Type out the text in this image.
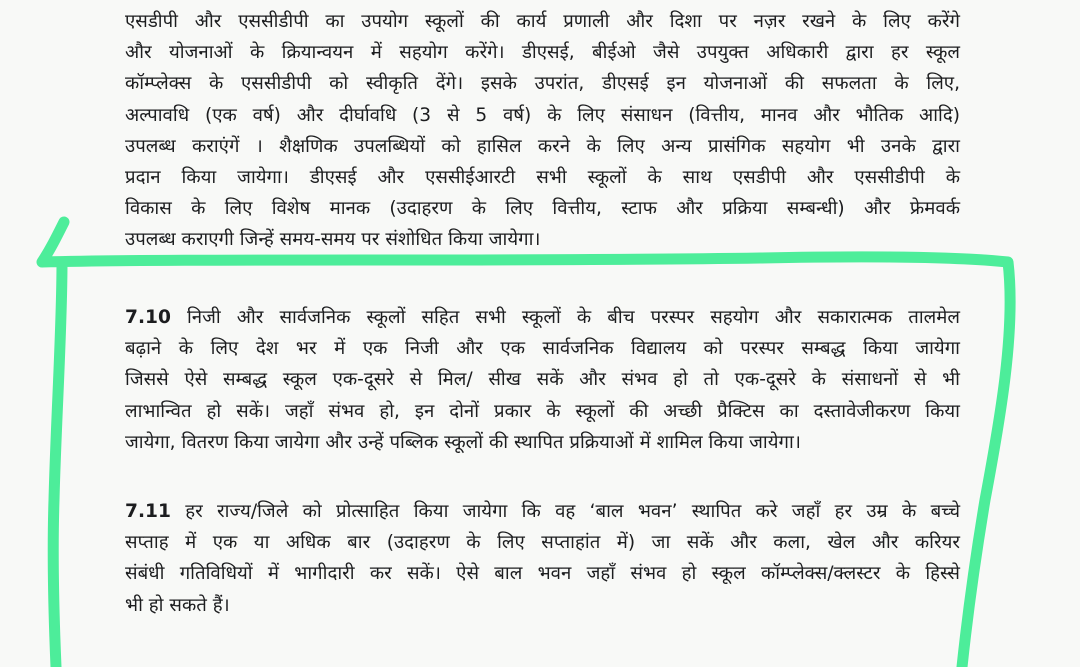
एसडीपी और एससीडीपी का उपयोग स्कूलों की कार्य प्रणाली और दिशा पर नज़र रखने के लिए करेंगे
और योजनाओं के क्रियान्वयन में सहयोग करेंगे। डीएसई, बीईओ जैसे उपयुक्त अधिकारी द्वारा हर स्कूल
कॉम्प्लेक्स के एससीडीपी को स्वीकृति देंगे। इसके उपरांत, डीएसई इन योजनाओं की सफलता के लिए,
अल्पावधि (एक वर्ष) और दीर्घावधि (3 से 5 वर्ष) के लिए संसाधन (वित्तीय, मानव और भौतिक आदि)
उपलब्ध कराएंगें । शैक्षणिक उपलब्धियों को हासिल करने के लिए अन्य प्रासंगिक सहयोग भी उनके द्वारा
प्रदान किया जायेगा। डीएसई और एससीईआरटी सभी स्कूलों के साथ एसडीपी और एससीडीपी के
विकास के लिए विशेष मानक (उदाहरण के लिए वित्तीय, स्टाफ और प्रक्रिया सम्बन्धी) और फ्रेमवर्क
उपलब्ध कराएगी जिन्हें समय-समय पर संशोधित किया जायेगा।
7.10 निजी और सार्वजनिक स्कूलों सहित सभी स्कूलों के बीच परस्पर सहयोग और सकारात्मक तालमेल
बढ़ाने के लिए देश भर में एक निजी और एक सार्वजनिक विद्यालय को परस्पर सम्बद्ध किया जायेगा
जिससे ऐसे सम्बद्ध स्कूल एक-दूसरे से मिल/ सीख सकें और संभव हो तो एक-दूसरे के संसाधनों से भी
लाभान्वित हो सकें। जहाँ संभव हो, इन दोनों प्रकार के स्कूलों की अच्छी प्रैक्टिस का दस्तावेजीकरण किया
जायेगा, वितरण किया जायेगा और उन्हें पब्लिक स्कूलों की स्थापित प्रक्रियाओं में शामिल किया जायेगा।
7.11 हर राज्य/जिले को प्रोत्साहित किया जायेगा कि वह ‘बाल भवन’ स्थापित करे जहाँ हर उम्र के बच्चे
सप्ताह में एक या अधिक बार (उदाहरण के लिए सप्ताहांत में) जा सकें और कला, खेल और करियर
संबंधी गतिविधियों में भागीदारी कर सकें। ऐसे बाल भवन जहाँ संभव हो स्कूल कॉम्प्लेक्स/क्लस्टर के हिस्से
भी हो सकते हैं।
